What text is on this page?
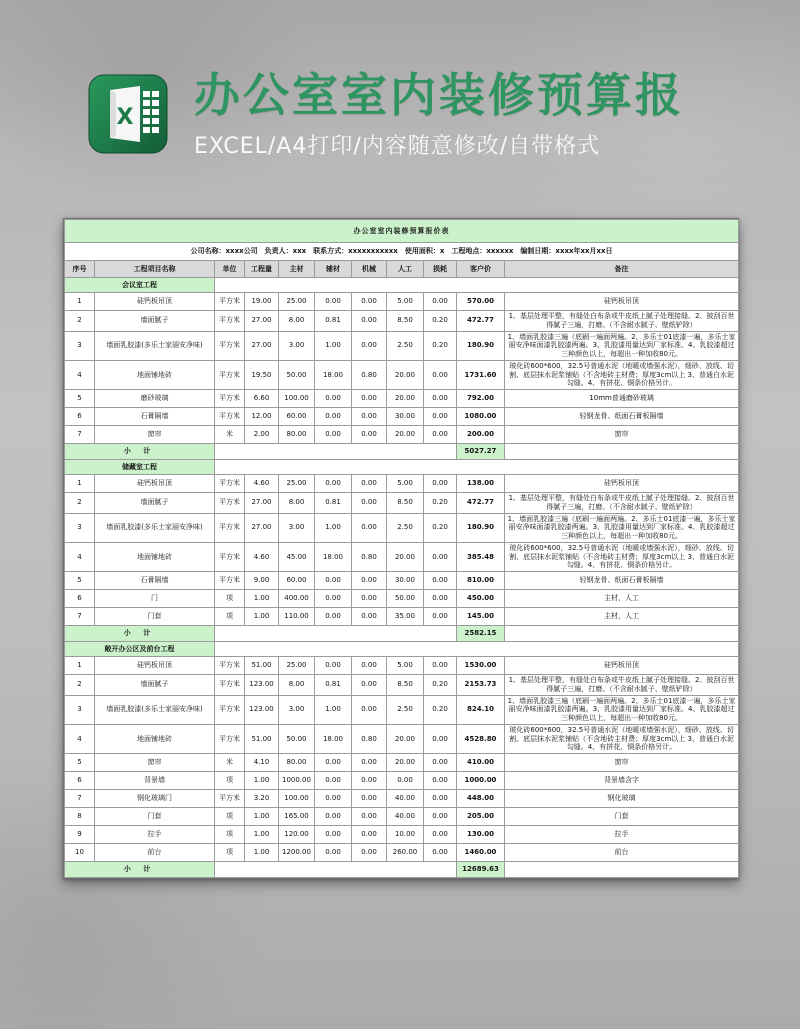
X 办公室室内装修预算报
EXCEL/A4打印/内容随意修改/自带格式
办公室室内装修预算报价表										
公司名称：xxxx公司　负责人：xxx　联系方式：xxxxxxxxxxx　使用面积：x　工程地点：xxxxxx　编制日期：xxxx年xx月xx日										
序号	工程项目名称	单位	工程量	主材	辅材	机械	人工	损耗	客户价	备注
会议室工程										
1	硅钙板吊顶	平方米	19.00	25.00	0.00	0.00	5.00	0.00	570.00	硅钙板吊顶
2	墙面腻子	平方米	27.00	8.00	0.81	0.00	8.50	0.20	472.77	1、基层处理平整，有缝处白布条或牛皮纸上腻子处理接缝。2、披刮百世得腻子三遍，打磨。（不含耐水腻子、壁纸铲除）
3	墙面乳胶漆(多乐士家丽安净味)	平方米	27.00	3.00	1.00	0.00	2.50	0.20	180.90	1、墙面乳胶漆三遍（底刷一遍面两遍。2、多乐士01底漆一遍，多乐士家丽安净味面漆乳胶漆两遍。3、乳胶漆用量达到厂家标准。4、乳胶漆超过三种颜色以上，每超出一种加收80元。
4	地面铺地砖	平方米	19.50	50.00	18.00	0.80	20.00	0.00	1731.60	玻化砖600*600，32.5号普通水泥（地暖或墙强水泥），细砂、放线、切割、底层抹水泥浆铺贴（不含地砖主材费；厚度3cm以上 3、普通白水泥勾缝。4、有拼花、铜条价格另计。
5	磨砂玻璃	平方米	6.60	100.00	0.00	0.00	20.00	0.00	792.00	10mm普通磨砂玻璃
6	石膏隔墙	平方米	12.00	60.00	0.00	0.00	30.00	0.00	1080.00	轻钢龙骨、纸面石膏板隔墙
7	窗帘	米	2.00	80.00	0.00	0.00	20.00	0.00	200.00	窗帘
小 计									5027.27	
储藏室工程										
1	硅钙板吊顶	平方米	4.60	25.00	0.00	0.00	5.00	0.00	138.00	硅钙板吊顶
2	墙面腻子	平方米	27.00	8.00	0.81	0.00	8.50	0.20	472.77	1、基层处理平整，有缝处白布条或牛皮纸上腻子处理接缝。2、披刮百世得腻子三遍，打磨。（不含耐水腻子、壁纸铲除）
3	墙面乳胶漆(多乐士家丽安净味)	平方米	27.00	3.00	1.00	0.00	2.50	0.20	180.90	1、墙面乳胶漆三遍（底刷一遍面两遍。2、多乐士01底漆一遍，多乐士家丽安净味面漆乳胶漆两遍。3、乳胶漆用量达到厂家标准。4、乳胶漆超过三种颜色以上，每超出一种加收80元。
4	地面铺地砖	平方米	4.60	45.00	18.00	0.80	20.00	0.00	385.48	玻化砖600*600，32.5号普通水泥（地暖或墙强水泥），细砂、放线、切割、底层抹水泥浆铺贴（不含地砖主材费；厚度3cm以上 3、普通白水泥勾缝。4、有拼花、铜条价格另计。
5	石膏隔墙	平方米	9.00	60.00	0.00	0.00	30.00	0.00	810.00	轻钢龙骨、纸面石膏板隔墙
6	门	项	1.00	400.00	0.00	0.00	50.00	0.00	450.00	主材，人工
7	门套	项	1.00	110.00	0.00	0.00	35.00	0.00	145.00	主材，人工
小 计									2582.15	
敞开办公区及前台工程										
1	硅钙板吊顶	平方米	51.00	25.00	0.00	0.00	5.00	0.00	1530.00	硅钙板吊顶
2	墙面腻子	平方米	123.00	8.00	0.81	0.00	8.50	0.20	2153.73	1、基层处理平整，有缝处白布条或牛皮纸上腻子处理接缝。2、披刮百世得腻子三遍，打磨。（不含耐水腻子、壁纸铲除）
3	墙面乳胶漆(多乐士家丽安净味)	平方米	123.00	3.00	1.00	0.00	2.50	0.20	824.10	1、墙面乳胶漆三遍（底刷一遍面两遍。2、多乐士01底漆一遍，多乐士家丽安净味面漆乳胶漆两遍。3、乳胶漆用量达到厂家标准。4、乳胶漆超过三种颜色以上，每超出一种加收80元。
4	地面铺地砖	平方米	51.00	50.00	18.00	0.80	20.00	0.00	4528.80	玻化砖600*600，32.5号普通水泥（地暖或墙强水泥），细砂、放线、切割、底层抹水泥浆铺贴（不含地砖主材费；厚度3cm以上 3、普通白水泥勾缝。4、有拼花、铜条价格另计。
5	窗帘	米	4.10	80.00	0.00	0.00	20.00	0.00	410.00	窗帘
6	背景墙	项	1.00	1000.00	0.00	0.00	0.00	0.00	1000.00	背景墙含字
7	钢化玻璃门	平方米	3.20	100.00	0.00	0.00	40.00	0.00	448.00	钢化玻璃
8	门套	项	1.00	165.00	0.00	0.00	40.00	0.00	205.00	门套
9	拉手	项	1.00	120.00	0.00	0.00	10.00	0.00	130.00	拉手
10	前台	项	1.00	1200.00	0.00	0.00	260.00	0.00	1460.00	前台
小 计									12689.63	
